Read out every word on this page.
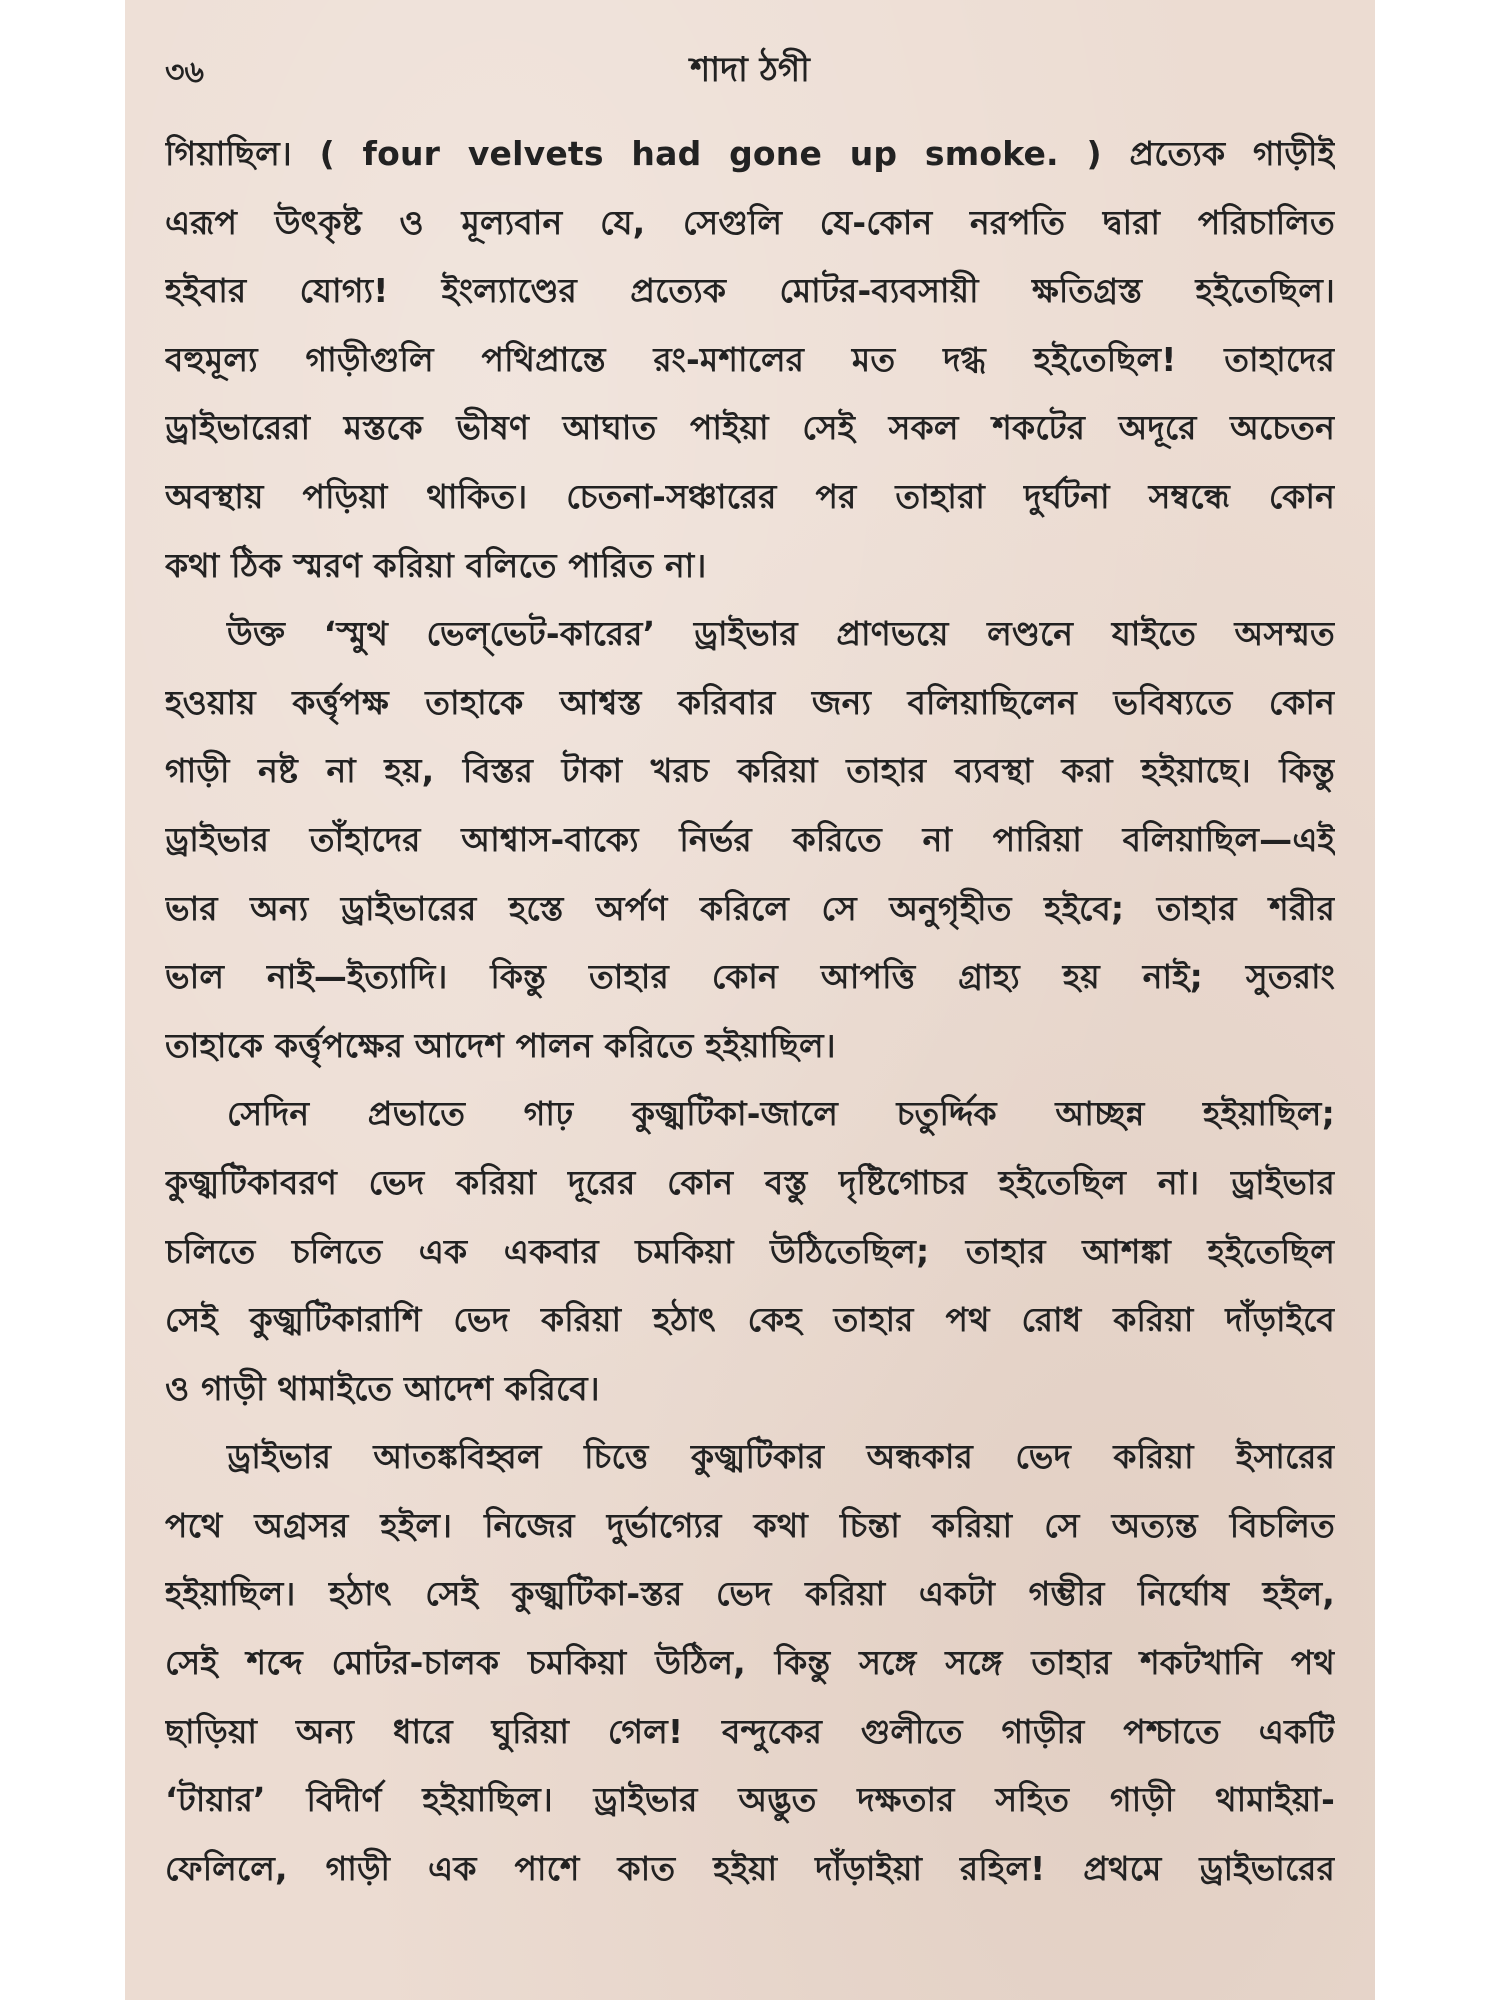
৩৬	শাদা ঠগী
গিয়াছিল। ( four velvets had gone up smoke. ) প্রত্যেক গাড়ীই
এরূপ উৎকৃষ্ট ও মূল্যবান যে, সেগুলি যে-কোন নরপতি দ্বারা পরিচালিত
হইবার যোগ্য! ইংল্যাণ্ডের প্রত্যেক মোটর-ব্যবসায়ী ক্ষতিগ্রস্ত হইতেছিল।
বহুমূল্য গাড়ীগুলি পথিপ্রান্তে রং-মশালের মত দগ্ধ হইতেছিল! তাহাদের
ড্রাইভারেরা মস্তকে ভীষণ আঘাত পাইয়া সেই সকল শকটের অদূরে অচেতন
অবস্থায় পড়িয়া থাকিত। চেতনা-সঞ্চারের পর তাহারা দুর্ঘটনা সম্বন্ধে কোন
কথা ঠিক স্মরণ করিয়া বলিতে পারিত না।
উক্ত ‘স্মুথ ভেল্‌ভেট-কারের’ ড্রাইভার প্রাণভয়ে লণ্ডনে যাইতে অসম্মত
হওয়ায় কর্ত্তৃপক্ষ তাহাকে আশ্বস্ত করিবার জন্য বলিয়াছিলেন ভবিষ্যতে কোন
গাড়ী নষ্ট না হয়, বিস্তর টাকা খরচ করিয়া তাহার ব্যবস্থা করা হইয়াছে। কিন্তু
ড্রাইভার তাঁহাদের আশ্বাস-বাক্যে নির্ভর করিতে না পারিয়া বলিয়াছিল—এই
ভার অন্য ড্রাইভারের হস্তে অর্পণ করিলে সে অনুগৃহীত হইবে; তাহার শরীর
ভাল নাই—ইত্যাদি। কিন্তু তাহার কোন আপত্তি গ্রাহ্য হয় নাই; সুতরাং
তাহাকে কর্ত্তৃপক্ষের আদেশ পালন করিতে হইয়াছিল।
সেদিন প্রভাতে গাঢ় কুজ্ঝটিকা-জালে চতুর্দ্দিক আচ্ছন্ন হইয়াছিল;
কুজ্ঝটিকাবরণ ভেদ করিয়া দূরের কোন বস্তু দৃষ্টিগোচর হইতেছিল না। ড্রাইভার
চলিতে চলিতে এক একবার চমকিয়া উঠিতেছিল; তাহার আশঙ্কা হইতেছিল
সেই কুজ্ঝটিকারাশি ভেদ করিয়া হঠাৎ কেহ তাহার পথ রোধ করিয়া দাঁড়াইবে
ও গাড়ী থামাইতে আদেশ করিবে।
ড্রাইভার আতঙ্কবিহ্বল চিত্তে কুজ্ঝটিকার অন্ধকার ভেদ করিয়া ইসারের
পথে অগ্রসর হইল। নিজের দুর্ভাগ্যের কথা চিন্তা করিয়া সে অত্যন্ত বিচলিত
হইয়াছিল। হঠাৎ সেই কুজ্ঝটিকা-স্তর ভেদ করিয়া একটা গম্ভীর নির্ঘোষ হইল,
সেই শব্দে মোটর-চালক চমকিয়া উঠিল, কিন্তু সঙ্গে সঙ্গে তাহার শকটখানি পথ
ছাড়িয়া অন্য ধারে ঘুরিয়া গেল! বন্দুকের গুলীতে গাড়ীর পশ্চাতে একটি
‘টায়ার’ বিদীর্ণ হইয়াছিল। ড্রাইভার অদ্ভুত দক্ষতার সহিত গাড়ী থামাইয়া-
ফেলিলে, গাড়ী এক পাশে কাত হইয়া দাঁড়াইয়া রহিল! প্রথমে ড্রাইভারের
